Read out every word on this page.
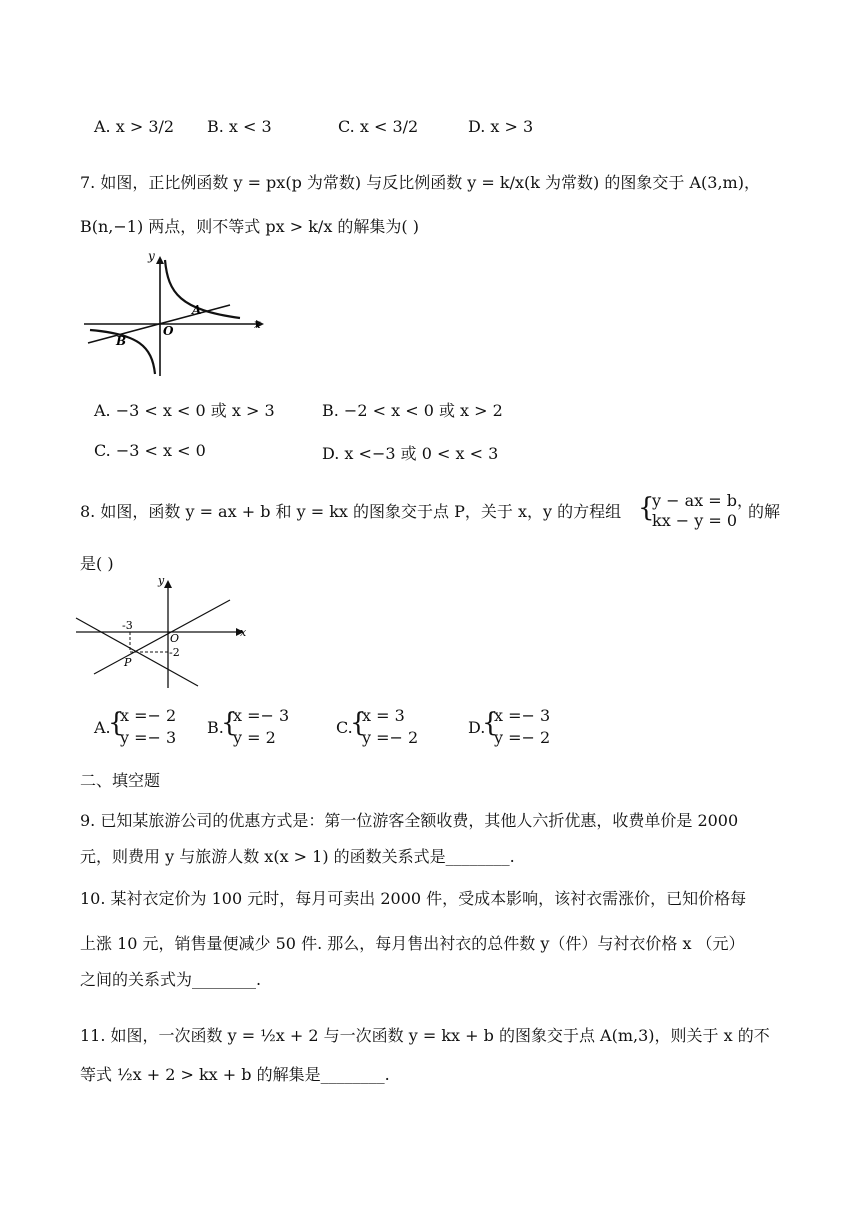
A. x > 3/2 B. x < 3	C. x < 3/2	D. x > 3
7. 如图，正比例函数 y = px(p 为常数) 与反比例函数 y = k/x(k 为常数) 的图象交于 A(3,m)，
B(n,−1) 两点，则不等式 px > k/x 的解集为( )
y
x
O
A
B
A. −3 < x < 0 或 x > 3	B. −2 < x < 0 或 x > 2
C. −3 < x < 0	D. x <−3 或 0 < x < 3
8. 如图，函数 y = ax + b 和 y = kx 的图象交于点 P，关于 x，y 的方程组 {
y − ax = b，
kx − y = 0 的解
是( )
y
x
O
P
-3
-2
A.
{
x =− 2
y =− 3
B.
{
x =− 3
y = 2
C.
{
x = 3
y =− 2
D.
{
x =− 3
y =− 2
二、填空题
9. 已知某旅游公司的优惠方式是：第一位游客全额收费，其他人六折优惠，收费单价是 2000
元，则费用 y 与旅游人数 x(x > 1) 的函数关系式是________.
10. 某衬衣定价为 100 元时，每月可卖出 2000 件，受成本影响，该衬衣需涨价，已知价格每
上涨 10 元，销售量便减少 50 件. 那么，每月售出衬衣的总件数 y（件）与衬衣价格 x （元）
之间的关系式为________.
11. 如图，一次函数 y = ½x + 2 与一次函数 y = kx + b 的图象交于点 A(m,3)，则关于 x 的不
等式 ½x + 2 > kx + b 的解集是________.
